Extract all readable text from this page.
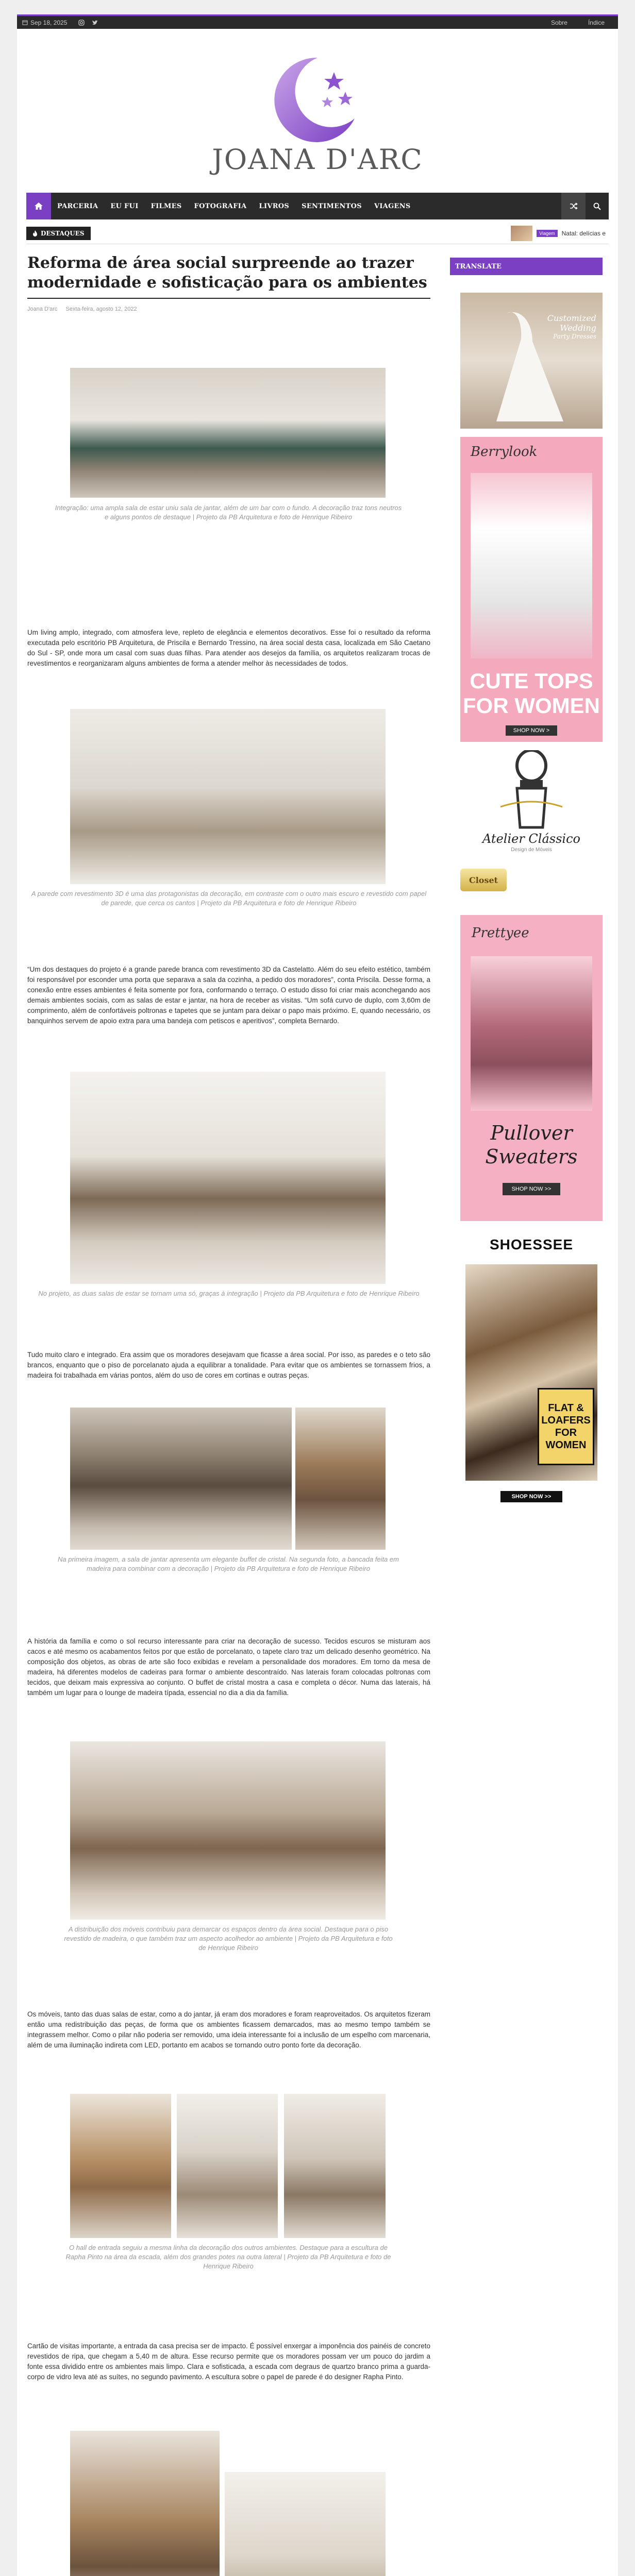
Sep 18, 2025	Sobre	Índice
JOANA D'ARC
PARCERIA	EU FUI	FILMES	FOTOGRAFIA	LIVROS	SENTIMENTOS	VIAGENS
DESTAQUES	Viagem	Natal: delícias e
Reforma de área social surpreende ao trazer modernidade e sofisticação para os ambientes
Joana D'arc Sexta-feira, agosto 12, 2022
Integração: uma ampla sala de estar uniu sala de jantar, além de um bar com o fundo. A decoração traz tons neutros e alguns pontos de destaque | Projeto da PB Arquitetura e foto de Henrique Ribeiro
Um living amplo, integrado, com atmosfera leve, repleto de elegância e elementos decorativos. Esse foi o resultado da reforma executada pelo escritório PB Arquitetura, de Priscila e Bernardo Tressino, na área social desta casa, localizada em São Caetano do Sul - SP, onde mora um casal com suas duas filhas. Para atender aos desejos da família, os arquitetos realizaram trocas de revestimentos e reorganizaram alguns ambientes de forma a atender melhor às necessidades de todos.
A parede com revestimento 3D é uma das protagonistas da decoração, em contraste com o outro mais escuro e revestido com papel de parede, que cerca os cantos | Projeto da PB Arquitetura e foto de Henrique Ribeiro
“Um dos destaques do projeto é a grande parede branca com revestimento 3D da Castelatto. Além do seu efeito estético, também foi responsável por esconder uma porta que separava a sala da cozinha, a pedido dos moradores”, conta Priscila. Desse forma, a conexão entre esses ambientes é feita somente por fora, conformando o terraço. O estudo disso foi criar mais aconchegando aos demais ambientes sociais, com as salas de estar e jantar, na hora de receber as visitas. “Um sofá curvo de duplo, com 3,60m de comprimento, além de confortáveis poltronas e tapetes que se juntam para deixar o papo mais próximo. E, quando necessário, os banquinhos servem de apoio extra para uma bandeja com petiscos e aperitivos”, completa Bernardo.
No projeto, as duas salas de estar se tornam uma só, graças à integração | Projeto da PB Arquitetura e foto de Henrique Ribeiro
Tudo muito claro e integrado. Era assim que os moradores desejavam que ficasse a área social. Por isso, as paredes e o teto são brancos, enquanto que o piso de porcelanato ajuda a equilibrar a tonalidade. Para evitar que os ambientes se tornassem frios, a madeira foi trabalhada em várias pontos, além do uso de cores em cortinas e outras peças.
Na primeira imagem, a sala de jantar apresenta um elegante buffet de cristal. Na segunda foto, a bancada feita em madeira para combinar com a decoração | Projeto da PB Arquitetura e foto de Henrique Ribeiro
A história da família e como o sol recurso interessante para criar na decoração de sucesso. Tecidos escuros se misturam aos cacos e até mesmo os acabamentos feitos por que estão de porcelanato, o tapete claro traz um delicado desenho geométrico. Na composição dos objetos, as obras de arte são foco exibidas e revelam a personalidade dos moradores. Em torno da mesa de madeira, há diferentes modelos de cadeiras para formar o ambiente descontraído. Nas laterais foram colocadas poltronas com tecidos, que deixam mais expressiva ao conjunto. O buffet de cristal mostra a casa e completa o décor. Numa das laterais, há também um lugar para o lounge de madeira típada, essencial no dia a dia da família.
A distribuição dos móveis contribuiu para demarcar os espaços dentro da área social. Destaque para o piso revestido de madeira, o que também traz um aspecto acolhedor ao ambiente | Projeto da PB Arquitetura e foto de Henrique Ribeiro
Os móveis, tanto das duas salas de estar, como a do jantar, já eram dos moradores e foram reaproveitados. Os arquitetos fizeram então uma redistribuição das peças, de forma que os ambientes ficassem demarcados, mas ao mesmo tempo também se integrassem melhor. Como o pilar não poderia ser removido, uma ideia interessante foi a inclusão de um espelho com marcenaria, além de uma iluminação indireta com LED, portanto em acabos se tornando outro ponto forte da decoração.
O hall de entrada seguiu a mesma linha da decoração dos outros ambientes. Destaque para a escultura de Rapha Pinto na área da escada, além dos grandes potes na outra lateral | Projeto da PB Arquitetura e foto de Henrique Ribeiro
Cartão de visitas importante, a entrada da casa precisa ser de impacto. É possível enxergar a imponência dos painéis de concreto revestidos de ripa, que chegam a 5,40 m de altura. Esse recurso permite que os moradores possam ver um pouco do jardim a fonte essa dividido entre os ambientes mais limpo. Clara e sofisticada, a escada com degraus de quartzo branco prima a guarda-corpo de vidro leva até as suítes, no segundo pavimento. A escultura sobre o papel de parede é do designer Rapha Pinto.
TRANSLATE
Customized
Wedding
Party Dresses
Berrylook
CUTE TOPS
FOR WOMEN
SHOP NOW >
Atelier Clássico
Design de Móveis
Closet
Prettyee
Pullover
Sweaters
SHOP NOW >>
SHOESSEE
FLAT &
LOAFERS
FOR
WOMEN
SHOP NOW >>
